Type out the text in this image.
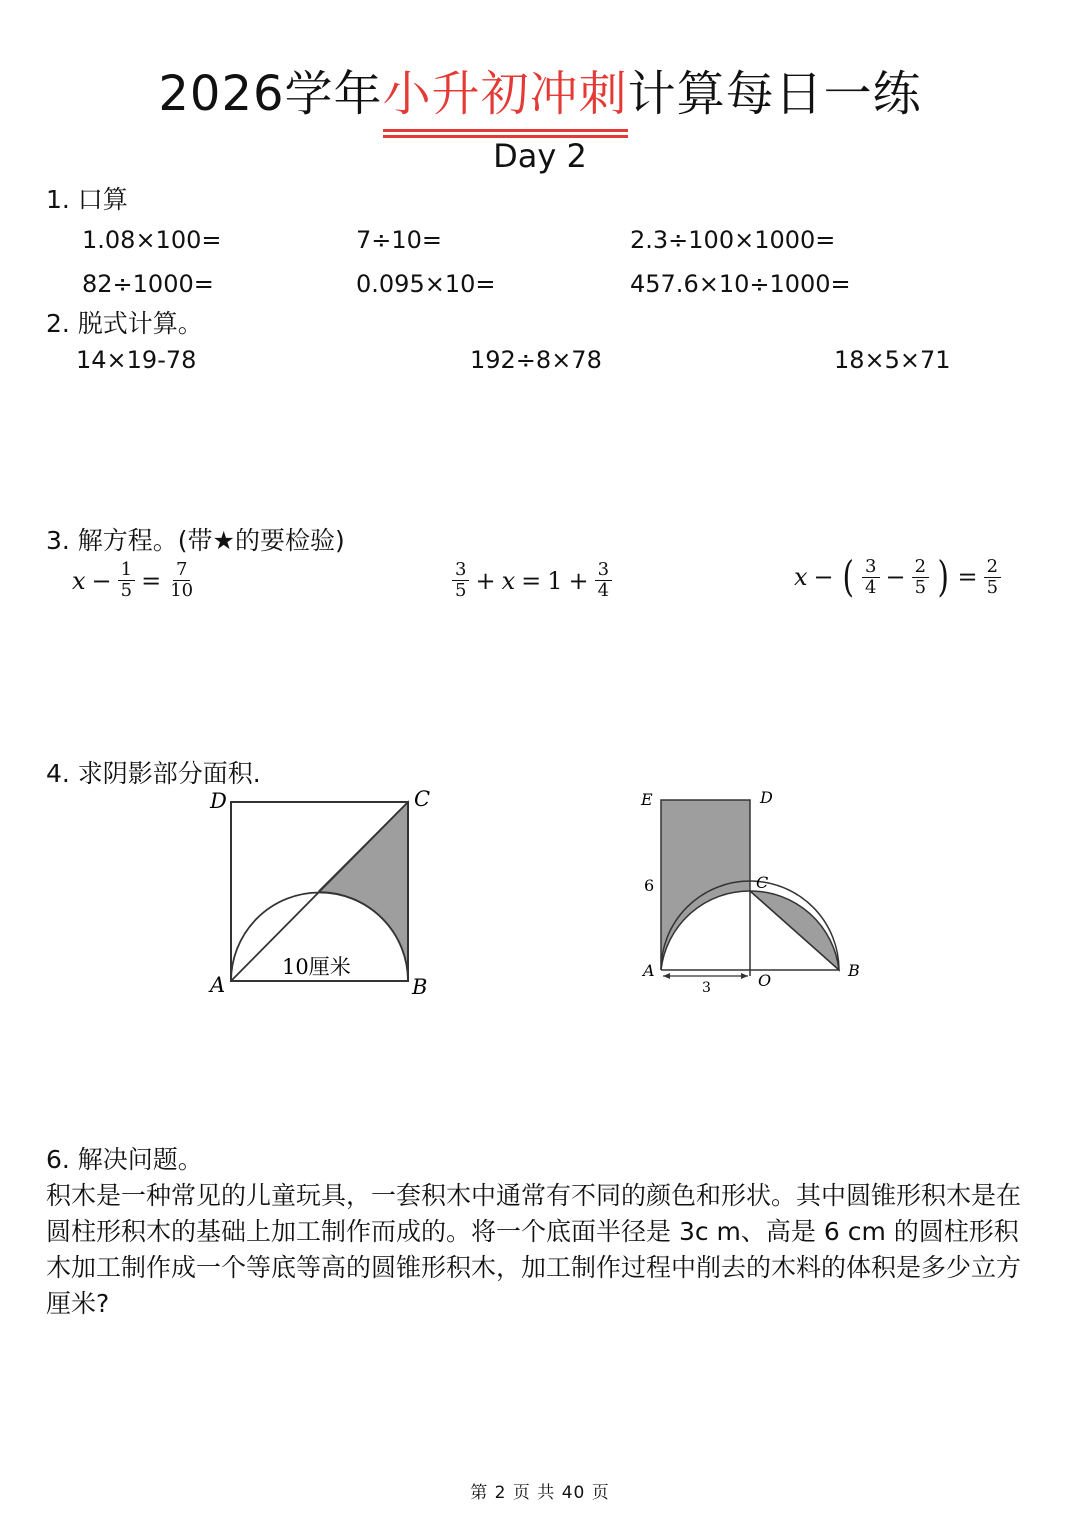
2026学年小升初冲刺
计算每日一练
Day 2
1. 口算
1.08×100=	7÷10=	2.3÷100×1000=
82÷1000=	0.095×10=	457.6×10÷1000=
2. 脱式计算。
14×19-78	192÷8×78	18×5×71
3. 解方程。(带★的要检验)
$x - \frac{1}{5} = \frac{7}{10}$	$\frac{3}{5} + x = 1 + \frac{3}{4}$	x − ( $\frac{3}{4} - \frac{2}{5}$ ) = $\frac{2}{5}$
4. 求阴影部分面积.
D	C
A	B
10厘米
E	D
C
A
O
B
6
3
6. 解决问题。
积木是一种常见的儿童玩具，一套积木中通常有不同的颜色和形状。其中圆锥形积木是在圆柱形积木的基础上加工制作而成的。将一个底面半径是 3c m、高是 6 cm 的圆柱形积木加工制作成一个等底等高的圆锥形积木，加工制作过程中削去的木料的体积是多少立方厘米?
第 2 页 共 40 页
